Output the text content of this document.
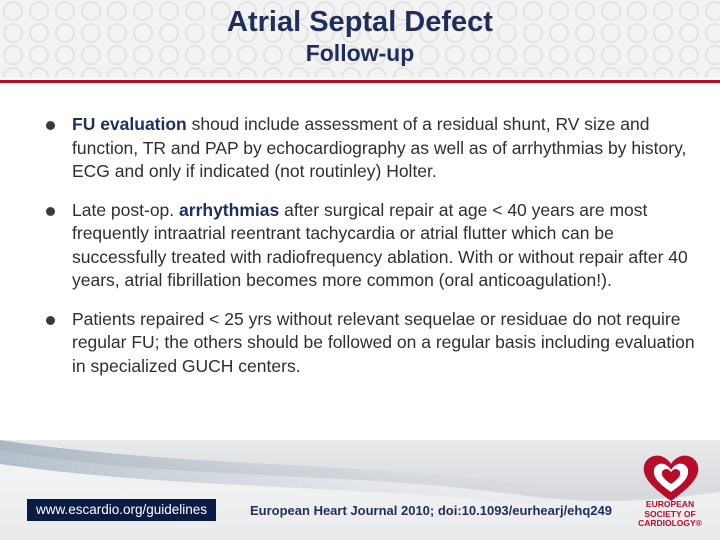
Atrial Septal Defect
Follow-up

FU evaluation shoud include assessment of a residual shunt, RV size and function, TR and PAP by echocardiography as well as of arrhythmias by history, ECG and only if indicated (not routinley) Holter.

Late post-op. arrhythmias after surgical repair at age < 40 years are most frequently intraatrial reentrant tachycardia or atrial flutter which can be successfully treated with radiofrequency ablation. With or without repair after 40 years, atrial fibrillation becomes more common (oral anticoagulation!).

Patients repaired < 25 yrs without relevant sequelae or residuae do not require regular FU; the others should be followed on a regular basis including evaluation in specialized GUCH centers.

www.escardio.org/guidelines	European Heart Journal 2010; doi:10.1093/eurhearj/ehq249	EUROPEAN
SOCIETY OF
CARDIOLOGY®
